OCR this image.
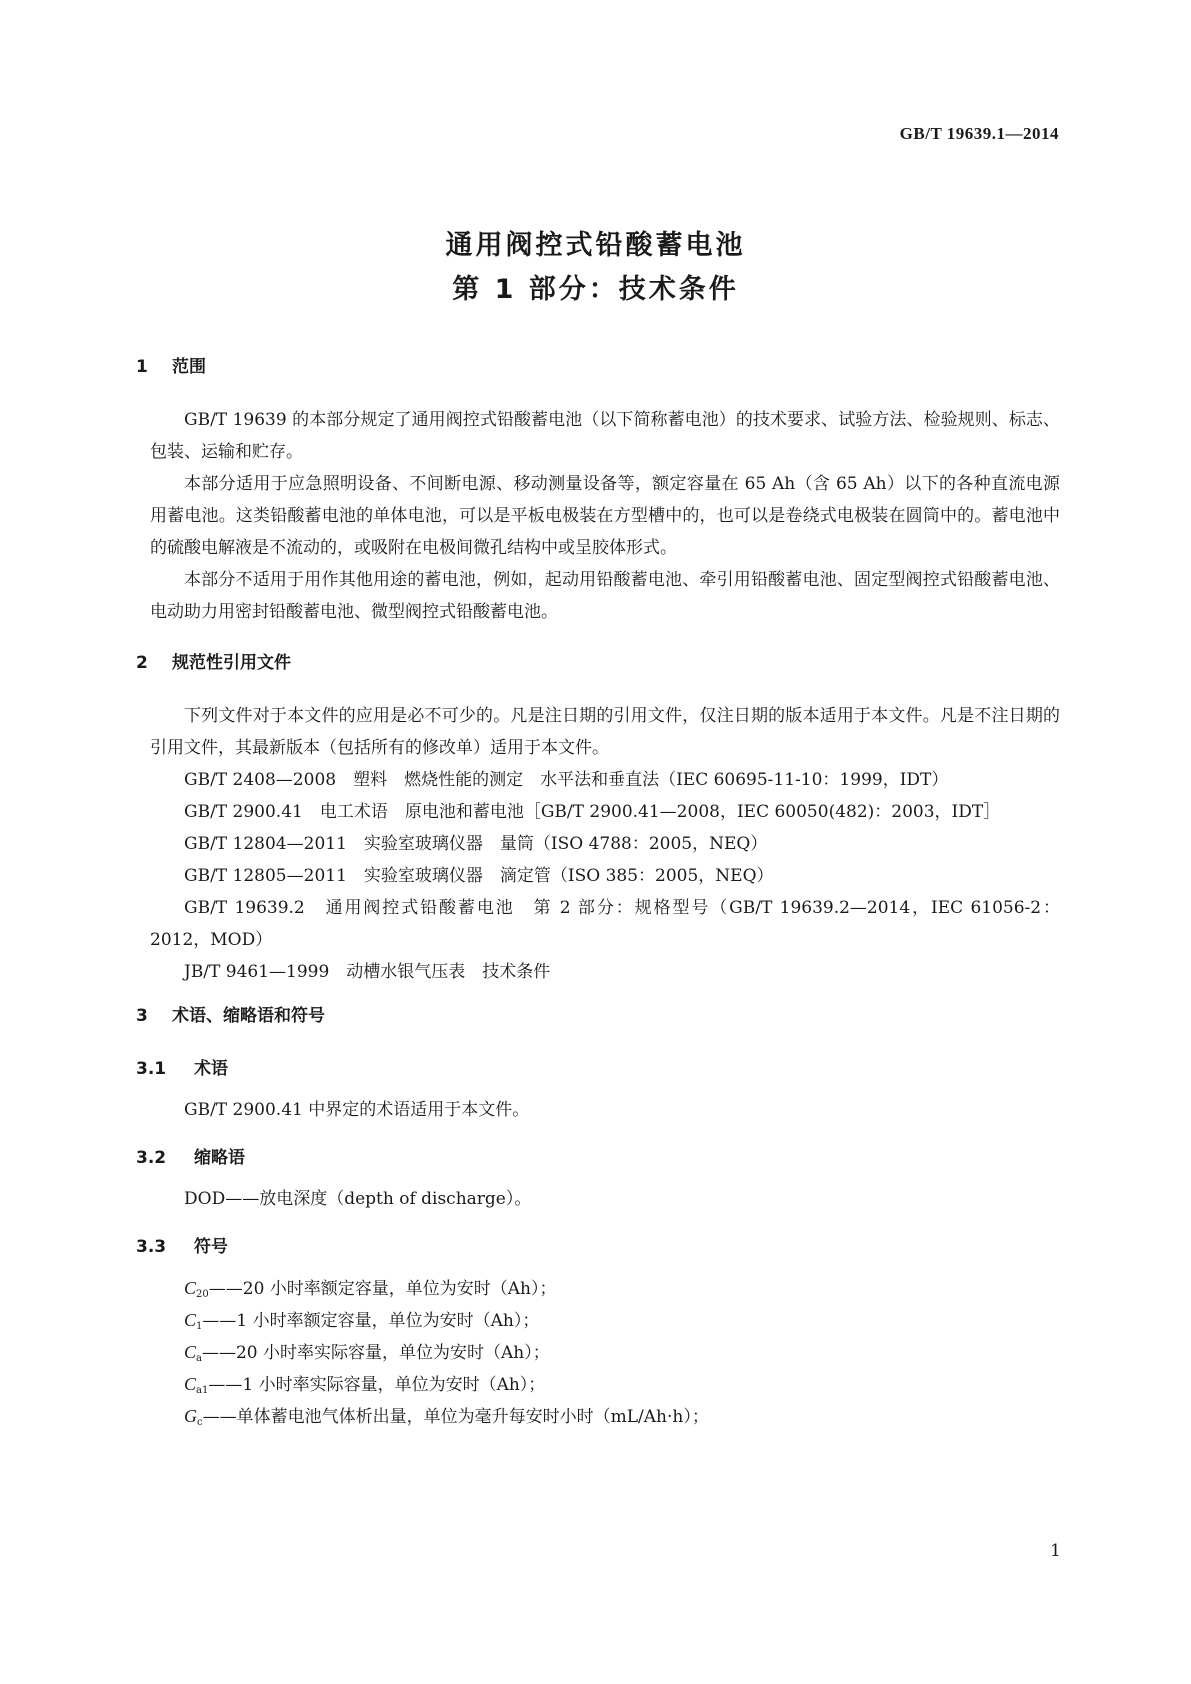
GB/T 19639.1—2014
通用阀控式铅酸蓄电池
第 1 部分：技术条件
1 范围

GB/T 19639 的本部分规定了通用阀控式铅酸蓄电池（以下简称蓄电池）的技术要求、试验方法、检验规则、标志、包装、运输和贮存。

本部分适用于应急照明设备、不间断电源、移动测量设备等，额定容量在 65 Ah（含 65 Ah）以下的各种直流电源用蓄电池。这类铅酸蓄电池的单体电池，可以是平板电极装在方型槽中的，也可以是卷绕式电极装在圆筒中的。蓄电池中的硫酸电解液是不流动的，或吸附在电极间微孔结构中或呈胶体形式。

本部分不适用于用作其他用途的蓄电池，例如，起动用铅酸蓄电池、牵引用铅酸蓄电池、固定型阀控式铅酸蓄电池、电动助力用密封铅酸蓄电池、微型阀控式铅酸蓄电池。

2 规范性引用文件

下列文件对于本文件的应用是必不可少的。凡是注日期的引用文件，仅注日期的版本适用于本文件。凡是不注日期的引用文件，其最新版本（包括所有的修改单）适用于本文件。

GB/T 2408—2008　塑料　燃烧性能的测定　水平法和垂直法（IEC 60695-11-10：1999，IDT）
GB/T 2900.41　电工术语　原电池和蓄电池［GB/T 2900.41—2008，IEC 60050(482)：2003，IDT］
GB/T 12804—2011　实验室玻璃仪器　量筒（ISO 4788：2005，NEQ）
GB/T 12805—2011　实验室玻璃仪器　滴定管（ISO 385：2005，NEQ）

GB/T 19639.2　通用阀控式铅酸蓄电池　第 2 部分：规格型号（GB/T 19639.2—2014，IEC 61056-2：2012，MOD）

JB/T 9461—1999　动槽水银气压表　技术条件
3 术语、缩略语和符号
3.1 术语
GB/T 2900.41 中界定的术语适用于本文件。
3.2 缩略语
DOD——放电深度（depth of discharge）。
3.3 符号
$C_{20}——20$ 小时率额定容量，单位为安时（Ah）；
$C_1——1$ 小时率额定容量，单位为安时（Ah）；
$C_a——20$ 小时率实际容量，单位为安时（Ah）；
$C_{a1}——1$ 小时率实际容量，单位为安时（Ah）；
$G_c——$单体蓄电池气体析出量，单位为毫升每安时小时（mL/Ah·h）；
1
